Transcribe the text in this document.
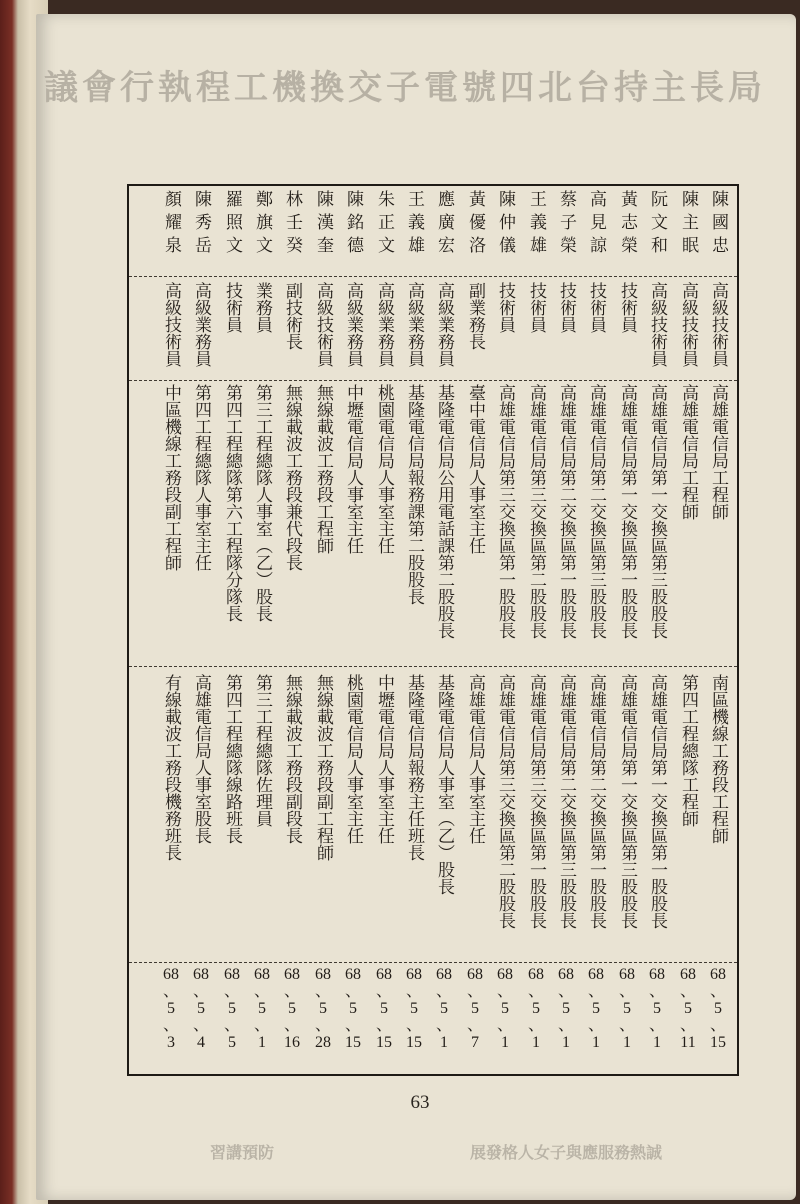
議會行執程工機換交子電號四北台持主長局
習講預防	展發格人女子與應服務熱誠
陳國忠
高級技術員
高雄電信局工程師
南區機線工務段工程師
68
、
5
、
15
陳主眠
高級技術員
高雄電信局工程師
第四工程總隊工程師
68
、
5
、
11
阮文和
高級技術員
高雄電信局第一交換區第三股股長
高雄電信局第一交換區第一股股長
68
、
5
、
1
黃志榮
技術員
高雄電信局第一交換區第一股股長
高雄電信局第一交換區第三股股長
68
、
5
、
1
高見諒
技術員
高雄電信局第二交換區第三股股長
高雄電信局第二交換區第一股股長
68
、
5
、
1
蔡子榮
技術員
高雄電信局第二交換區第一股股長
高雄電信局第二交換區第三股股長
68
、
5
、
1
王義雄
技術員
高雄電信局第三交換區第二股股長
高雄電信局第三交換區第一股股長
68
、
5
、
1
陳仲儀
技術員
高雄電信局第三交換區第一股股長
高雄電信局第三交換區第二股股長
68
、
5
、
1
黃優洛
副業務長
臺中電信局人事室主任
高雄電信局人事室主任
68
、
5
、
7
應廣宏
高級業務員
基隆電信局公用電話課第二股股長
基隆電信局人事室（乙）股長
68
、
5
、
1
王義雄
高級業務員
基隆電信局報務課第二股股長
基隆電信局報務主任班長
68
、
5
、
15
朱正文
高級業務員
桃園電信局人事室主任
中壢電信局人事室主任
68
、
5
、
15
陳銘德
高級業務員
中壢電信局人事室主任
桃園電信局人事室主任
68
、
5
、
15
陳漢奎
高級技術員
無線載波工務段工程師
無線載波工務段副工程師
68
、
5
、
28
林壬癸
副技術長
無線載波工務段兼代段長
無線載波工務段副段長
68
、
5
、
16
鄭旗文
業務員
第三工程總隊人事室（乙）股長
第三工程總隊佐理員
68
、
5
、
1
羅照文
技術員
第四工程總隊第六工程隊分隊長
第四工程總隊線路班長
68
、
5
、
5
陳秀岳
高級業務員
第四工程總隊人事室主任
高雄電信局人事室股長
68
、
5
、
4
顏耀泉
高級技術員
中區機線工務段副工程師
有線載波工務段機務班長
68
、
5
、
3
63
